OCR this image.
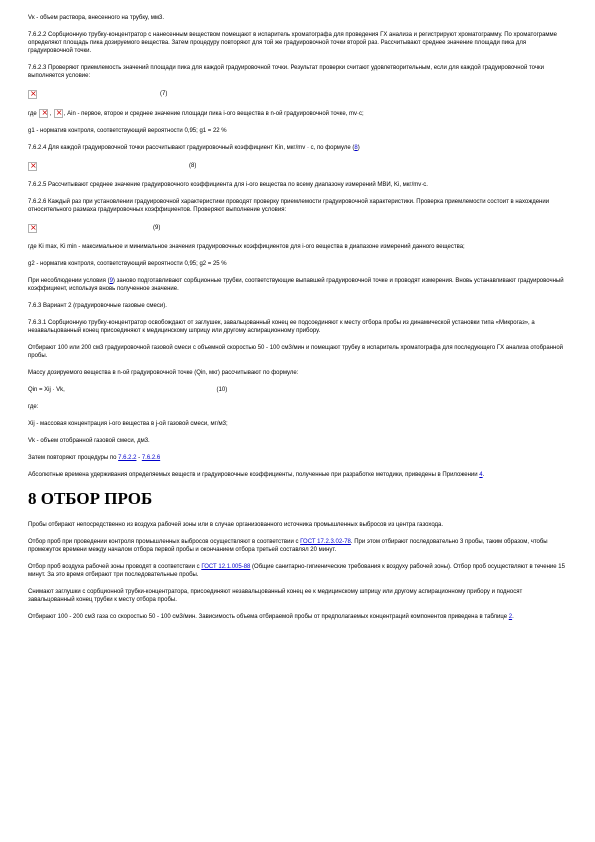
Vк - объем раствора, внесенного на трубку, мм3.

7.6.2.2 Сорбционную трубку-концентратор с нанесенным веществом помещают в испаритель хроматографа для проведения ГХ анализа и регистрируют хроматограмму. По хроматограмме определяют площадь пика дозируемого вещества. Затем процедуру повторяют для той же градуировочной точки второй раз. Рассчитывают среднее значение площади пика для градуировочной точки.

7.6.2.3 Проверяют приемлемость значений площади пика для каждой градуировочной точки. Результат проверки считают удовлетворительным, если для каждой градуировочной точки выполняется условие:

×
(7)

где × , ×, Ain - первое, второе и среднее значение площади пика i-ого вещества в n-ой градуировочной точке, mv·c;

g1 - норматив контроля, соответствующий вероятности 0,95; g1 = 22 %

7.6.2.4 Для каждой градуировочной точки рассчитывают градуировочный коэффициент Kin, мкг/mv · c, по формуле (8)

×
(8)

7.6.2.5 Рассчитывают среднее значение градуировочного коэффициента для i-ого вещества по всему диапазону измерений МВИ, Ki, мкг/mv·c.

7.6.2.6 Каждый раз при установлении градуировочной характеристики проводят проверку приемлемости градуировочной характеристики. Проверка приемлемости состоит в нахождении относительного размаха градуировочных коэффициентов. Проверяют выполнение условия:

×
(9)

где Ki max, Ki min - максимальное и минимальное значения градуировочных коэффициентов для i-ого вещества в диапазоне измерений данного вещества;

g2 - норматив контроля, соответствующий вероятности 0,95; g2 = 25 %

При несоблюдении условия (9) заново подготавливают сорбционные трубки, соответствующие выпавшей градуировочной точке и проводят измерения. Вновь устанавливают градуировочный коэффициент, используя вновь полученное значение.

7.6.3 Вариант 2 (градуировочные газовые смеси).

7.6.3.1 Сорбционную трубку-концентратор освобождают от заглушек, завальцованный конец ее подсоединяют к месту отбора пробы из динамической установки типа «Микрогаз», а незавальцованный конец присоединяют к медицинскому шприцу или другому аспирационному прибору.

Отбирают 100 или 200 см3 градуировочной газовой смеси с объемной скоростью 50 - 100 см3/мин и помещают трубку в испаритель хроматографа для последующего ГХ анализа отобранной пробы.

Массу дозируемого вещества в n-ой градуировочной точке (Qin, мкг) рассчитывают по формуле:

Qin = Xij · Vk,	(10)

где:

Xij - массовая концентрация i-ого вещества в j-ой газовой смеси, мг/м3;

Vk - объем отобранной газовой смеси, дм3.

Затем повторяют процедуры по 7.6.2.2 - 7.6.2.6

Абсолютные времена удерживания определяемых веществ и градуировочные коэффициенты, полученные при разработке методики, приведены в Приложении 4.

8 ОТБОР ПРОБ

Пробы отбирают непосредственно из воздуха рабочей зоны или в случае организованного источника промышленных выбросов из центра газохода.

Отбор проб при проведении контроля промышленных выбросов осуществляют в соответствии с ГОСТ 17.2.3.02-78. При этом отбирают последовательно 3 пробы, таким образом, чтобы промежуток времени между началом отбора первой пробы и окончанием отбора третьей составлял 20 минут.

Отбор проб воздуха рабочей зоны проводят в соответствии с ГОСТ 12.1.005-88 (Общие санитарно-гигиенические требования к воздуху рабочей зоны). Отбор проб осуществляют в течение 15 минут. За это время отбирают три последовательные пробы.

Снимают заглушки с сорбционной трубки-концентратора, присоединяют незавальцованный конец ее к медицинскому шприцу или другому аспирационному прибору и подносят завальцованный конец трубки к месту отбора пробы.

Отбирают 100 - 200 см3 газа со скоростью 50 - 100 см3/мин. Зависимость объема отбираемой пробы от предполагаемых концентраций компонентов приведена в таблице 2.
